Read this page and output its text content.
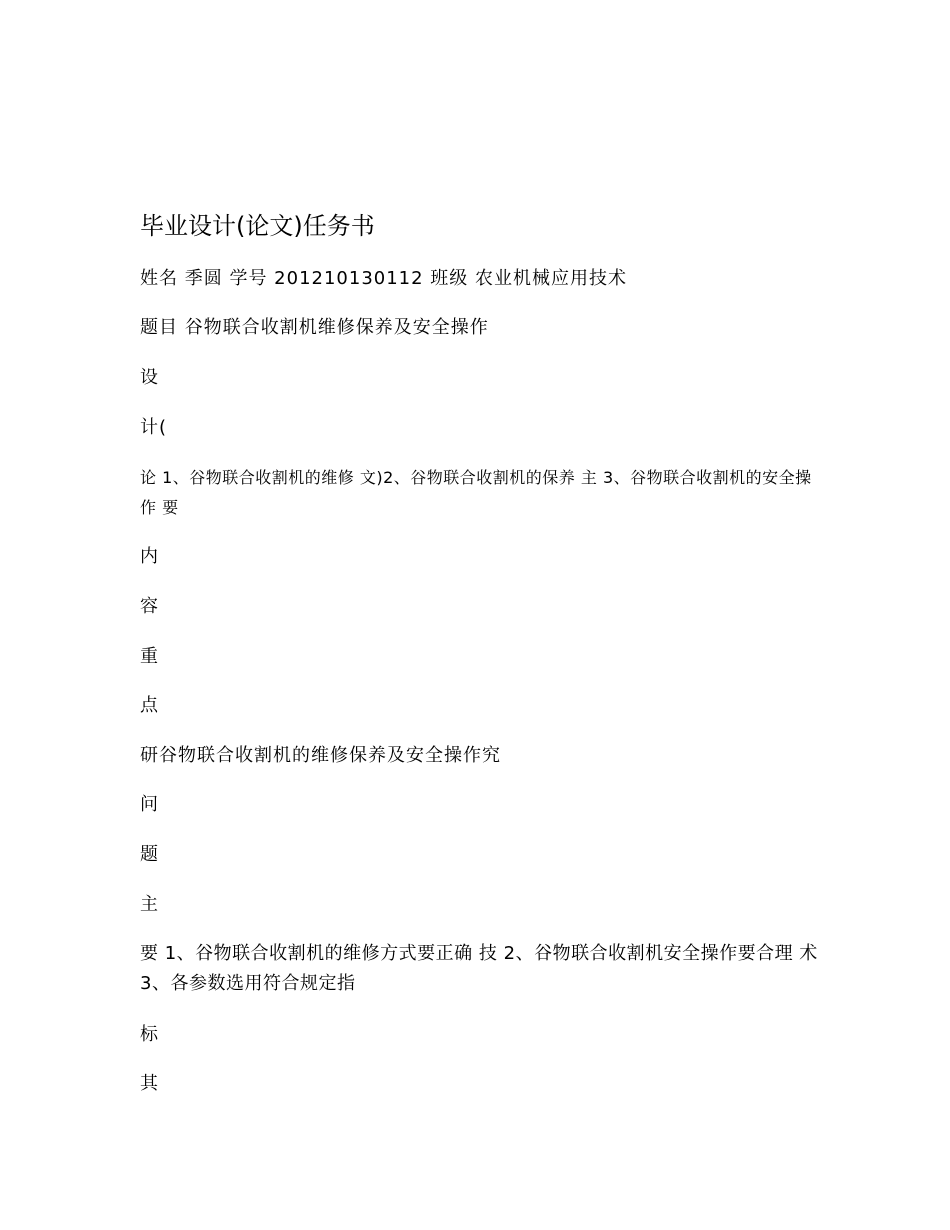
毕业设计(论文)任务书
姓名 季圆 学号 201210130112 班级 农业机械应用技术
题目 谷物联合收割机维修保养及安全操作
设
计(
论 1、谷物联合收割机的维修 文)2、谷物联合收割机的保养 主 3、谷物联合收割机的安全操作 要
内
容
重
点
研谷物联合收割机的维修保养及安全操作究
问
题
主
要 1、谷物联合收割机的维修方式要正确 技 2、谷物联合收割机安全操作要合理 术 3、各参数选用符合规定指
标
其
